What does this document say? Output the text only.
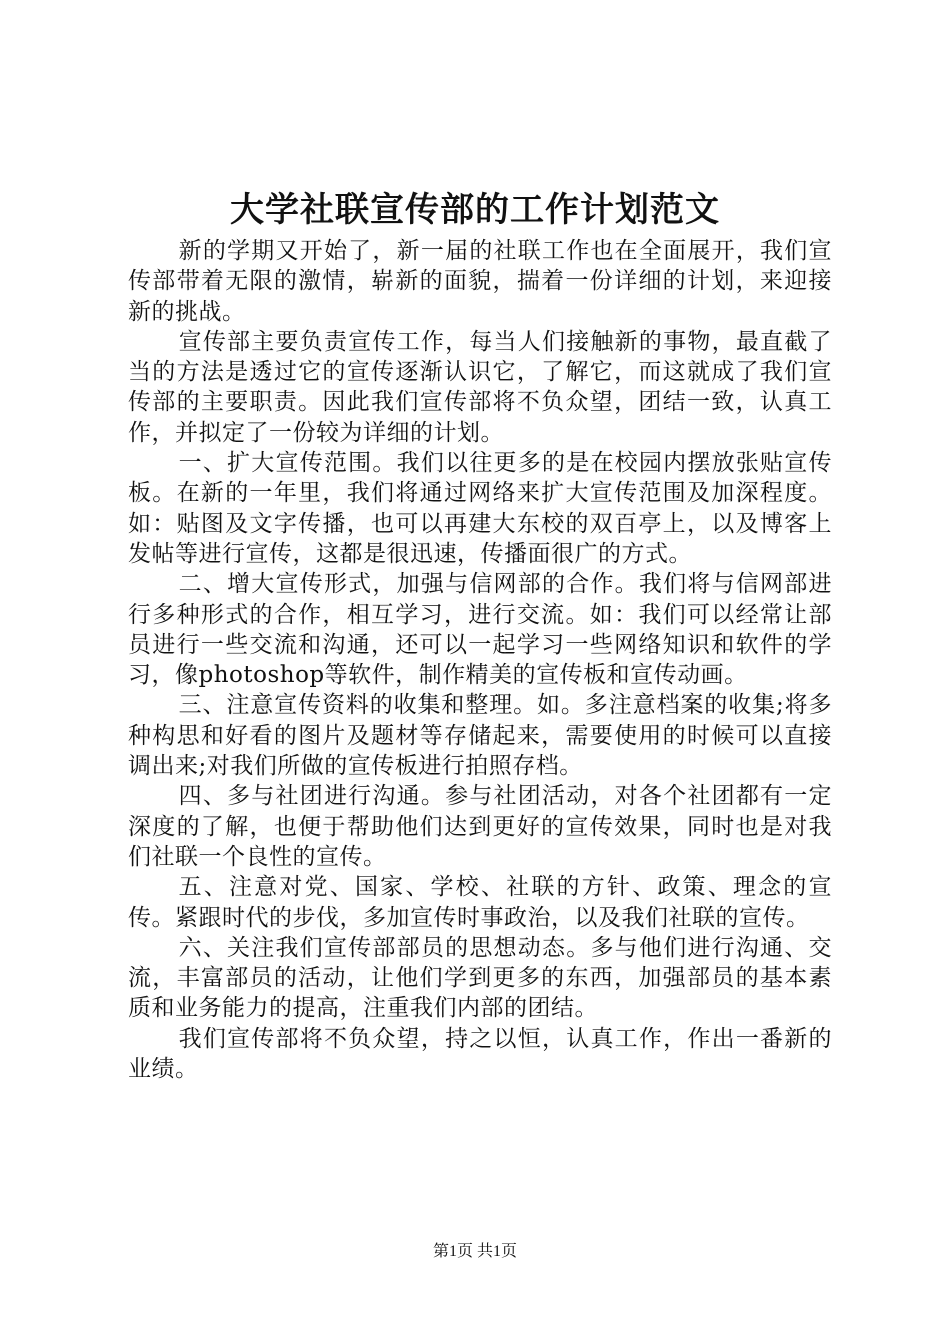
大学社联宣传部的工作计划范文

新的学期又开始了，新一届的社联工作也在全面展开，我们宣传部带着无限的激情，崭新的面貌，揣着一份详细的计划，来迎接新的挑战。

宣传部主要负责宣传工作，每当人们接触新的事物，最直截了当的方法是透过它的宣传逐渐认识它，了解它，而这就成了我们宣传部的主要职责。因此我们宣传部将不负众望，团结一致，认真工作，并拟定了一份较为详细的计划。

一、扩大宣传范围。我们以往更多的是在校园内摆放张贴宣传板。在新的一年里，我们将通过网络来扩大宣传范围及加深程度。如：贴图及文字传播，也可以再建大东校的双百亭上，以及博客上发帖等进行宣传，这都是很迅速，传播面很广的方式。

二、增大宣传形式，加强与信网部的合作。我们将与信网部进行多种形式的合作，相互学习，进行交流。如：我们可以经常让部员进行一些交流和沟通，还可以一起学习一些网络知识和软件的学习，像photoshop等软件，制作精美的宣传板和宣传动画。

三、注意宣传资料的收集和整理。如。多注意档案的收集;将多种构思和好看的图片及题材等存储起来，需要使用的时候可以直接调出来;对我们所做的宣传板进行拍照存档。

四、多与社团进行沟通。参与社团活动，对各个社团都有一定深度的了解，也便于帮助他们达到更好的宣传效果，同时也是对我们社联一个良性的宣传。

五、注意对党、国家、学校、社联的方针、政策、理念的宣传。紧跟时代的步伐，多加宣传时事政治，以及我们社联的宣传。

六、关注我们宣传部部员的思想动态。多与他们进行沟通、交流，丰富部员的活动，让他们学到更多的东西，加强部员的基本素质和业务能力的提高，注重我们内部的团结。

我们宣传部将不负众望，持之以恒，认真工作，作出一番新的业绩。

第1页 共1页
